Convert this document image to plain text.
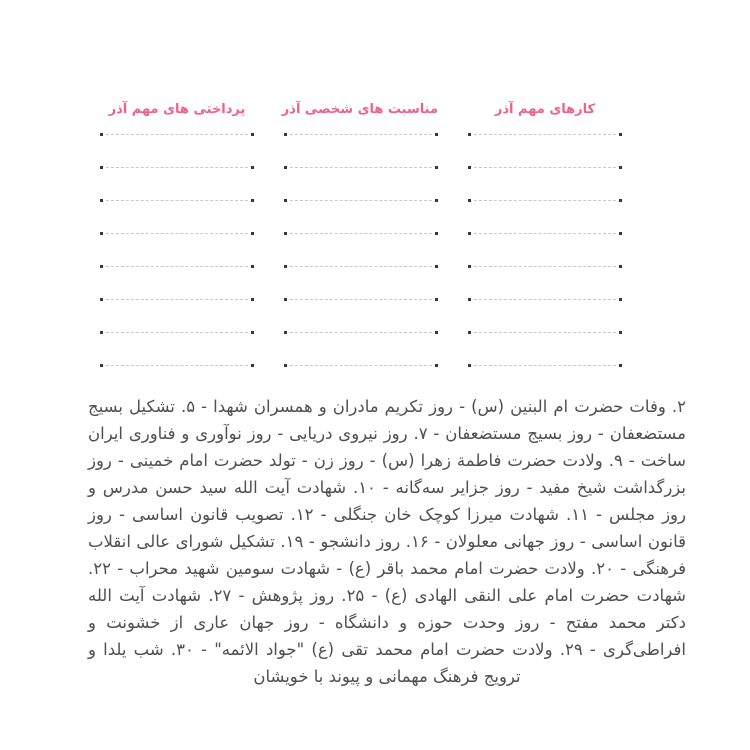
کارهای مهم آذر
مناسبت های شخصی آذر
پرداختی های مهم آذر

۲. وفات حضرت ام البنین (س) - روز تکریم مادران و همسران شهدا - ۵. تشکیل بسیج مستضعفان - روز بسیج مستضعفان - ۷. روز نیروی دریایی - روز نوآوری و فناوری ایران ساخت - ۹. ولادت حضرت فاطمة زهرا (س) - روز زن - تولد حضرت امام خمینی - روز بزرگداشت شیخ مفید - روز جزایر سه‌گانه - ۱۰. شهادت آیت الله سید حسن مدرس و روز مجلس - ۱۱. شهادت میرزا کوچک خان جنگلی - ۱۲. تصویب قانون اساسی - روز قانون اساسی - روز جهانی معلولان - ۱۶. روز دانشجو - ۱۹. تشکیل شورای عالی انقلاب فرهنگی - ۲۰. ولادت حضرت امام محمد باقر (ع) - شهادت سومین شهید محراب - ۲۲. شهادت حضرت امام علی النقی الهادی (ع) - ۲۵. روز پژوهش - ۲۷. شهادت آیت الله دکتر محمد مفتح - روز وحدت حوزه و دانشگاه - روز جهان عاری از خشونت و افراطی‌گری - ۲۹. ولادت حضرت امام محمد تقی (ع) "جواد الائمه" - ۳۰. شب یلدا و ترویج فرهنگ مهمانی و پیوند با خویشان
